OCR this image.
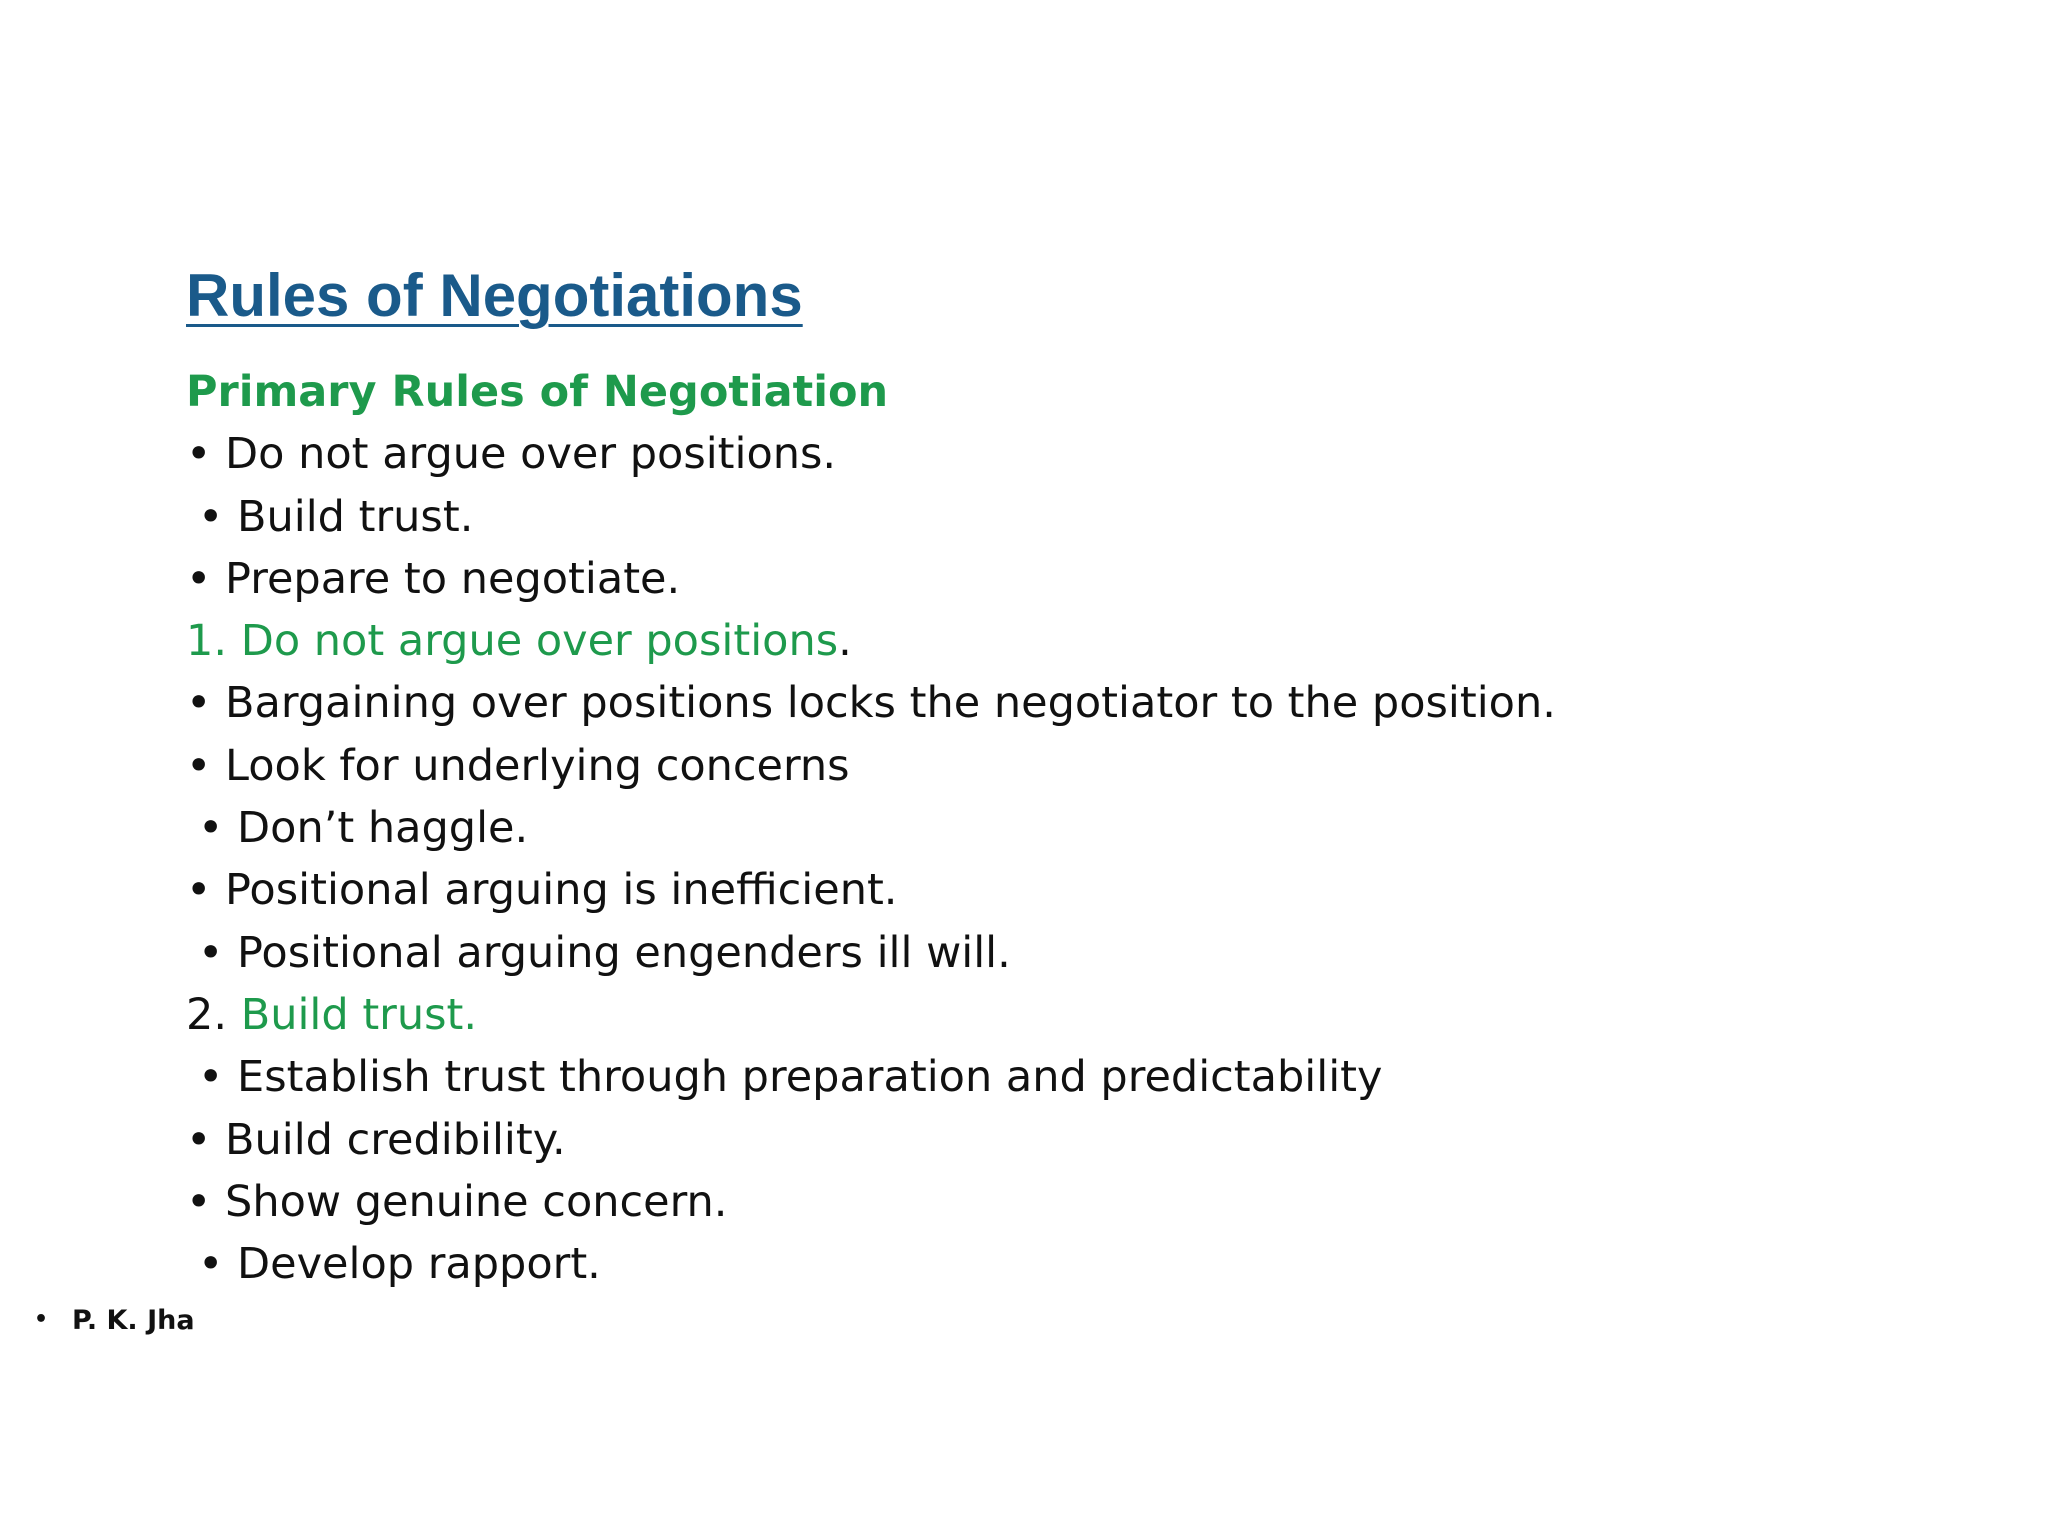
Rules of Negotiations
Primary Rules of Negotiation
• Do not argue over positions.
• Build trust.
• Prepare to negotiate.
1. Do not argue over positions.
• Bargaining over positions locks the negotiator to the position.
• Look for underlying concerns
• Don’t haggle.
• Positional arguing is inefficient.
• Positional arguing engenders ill will.
2. Build trust.
• Establish trust through preparation and predictability
• Build credibility.
• Show genuine concern.
• Develop rapport.
• P. K. Jha
